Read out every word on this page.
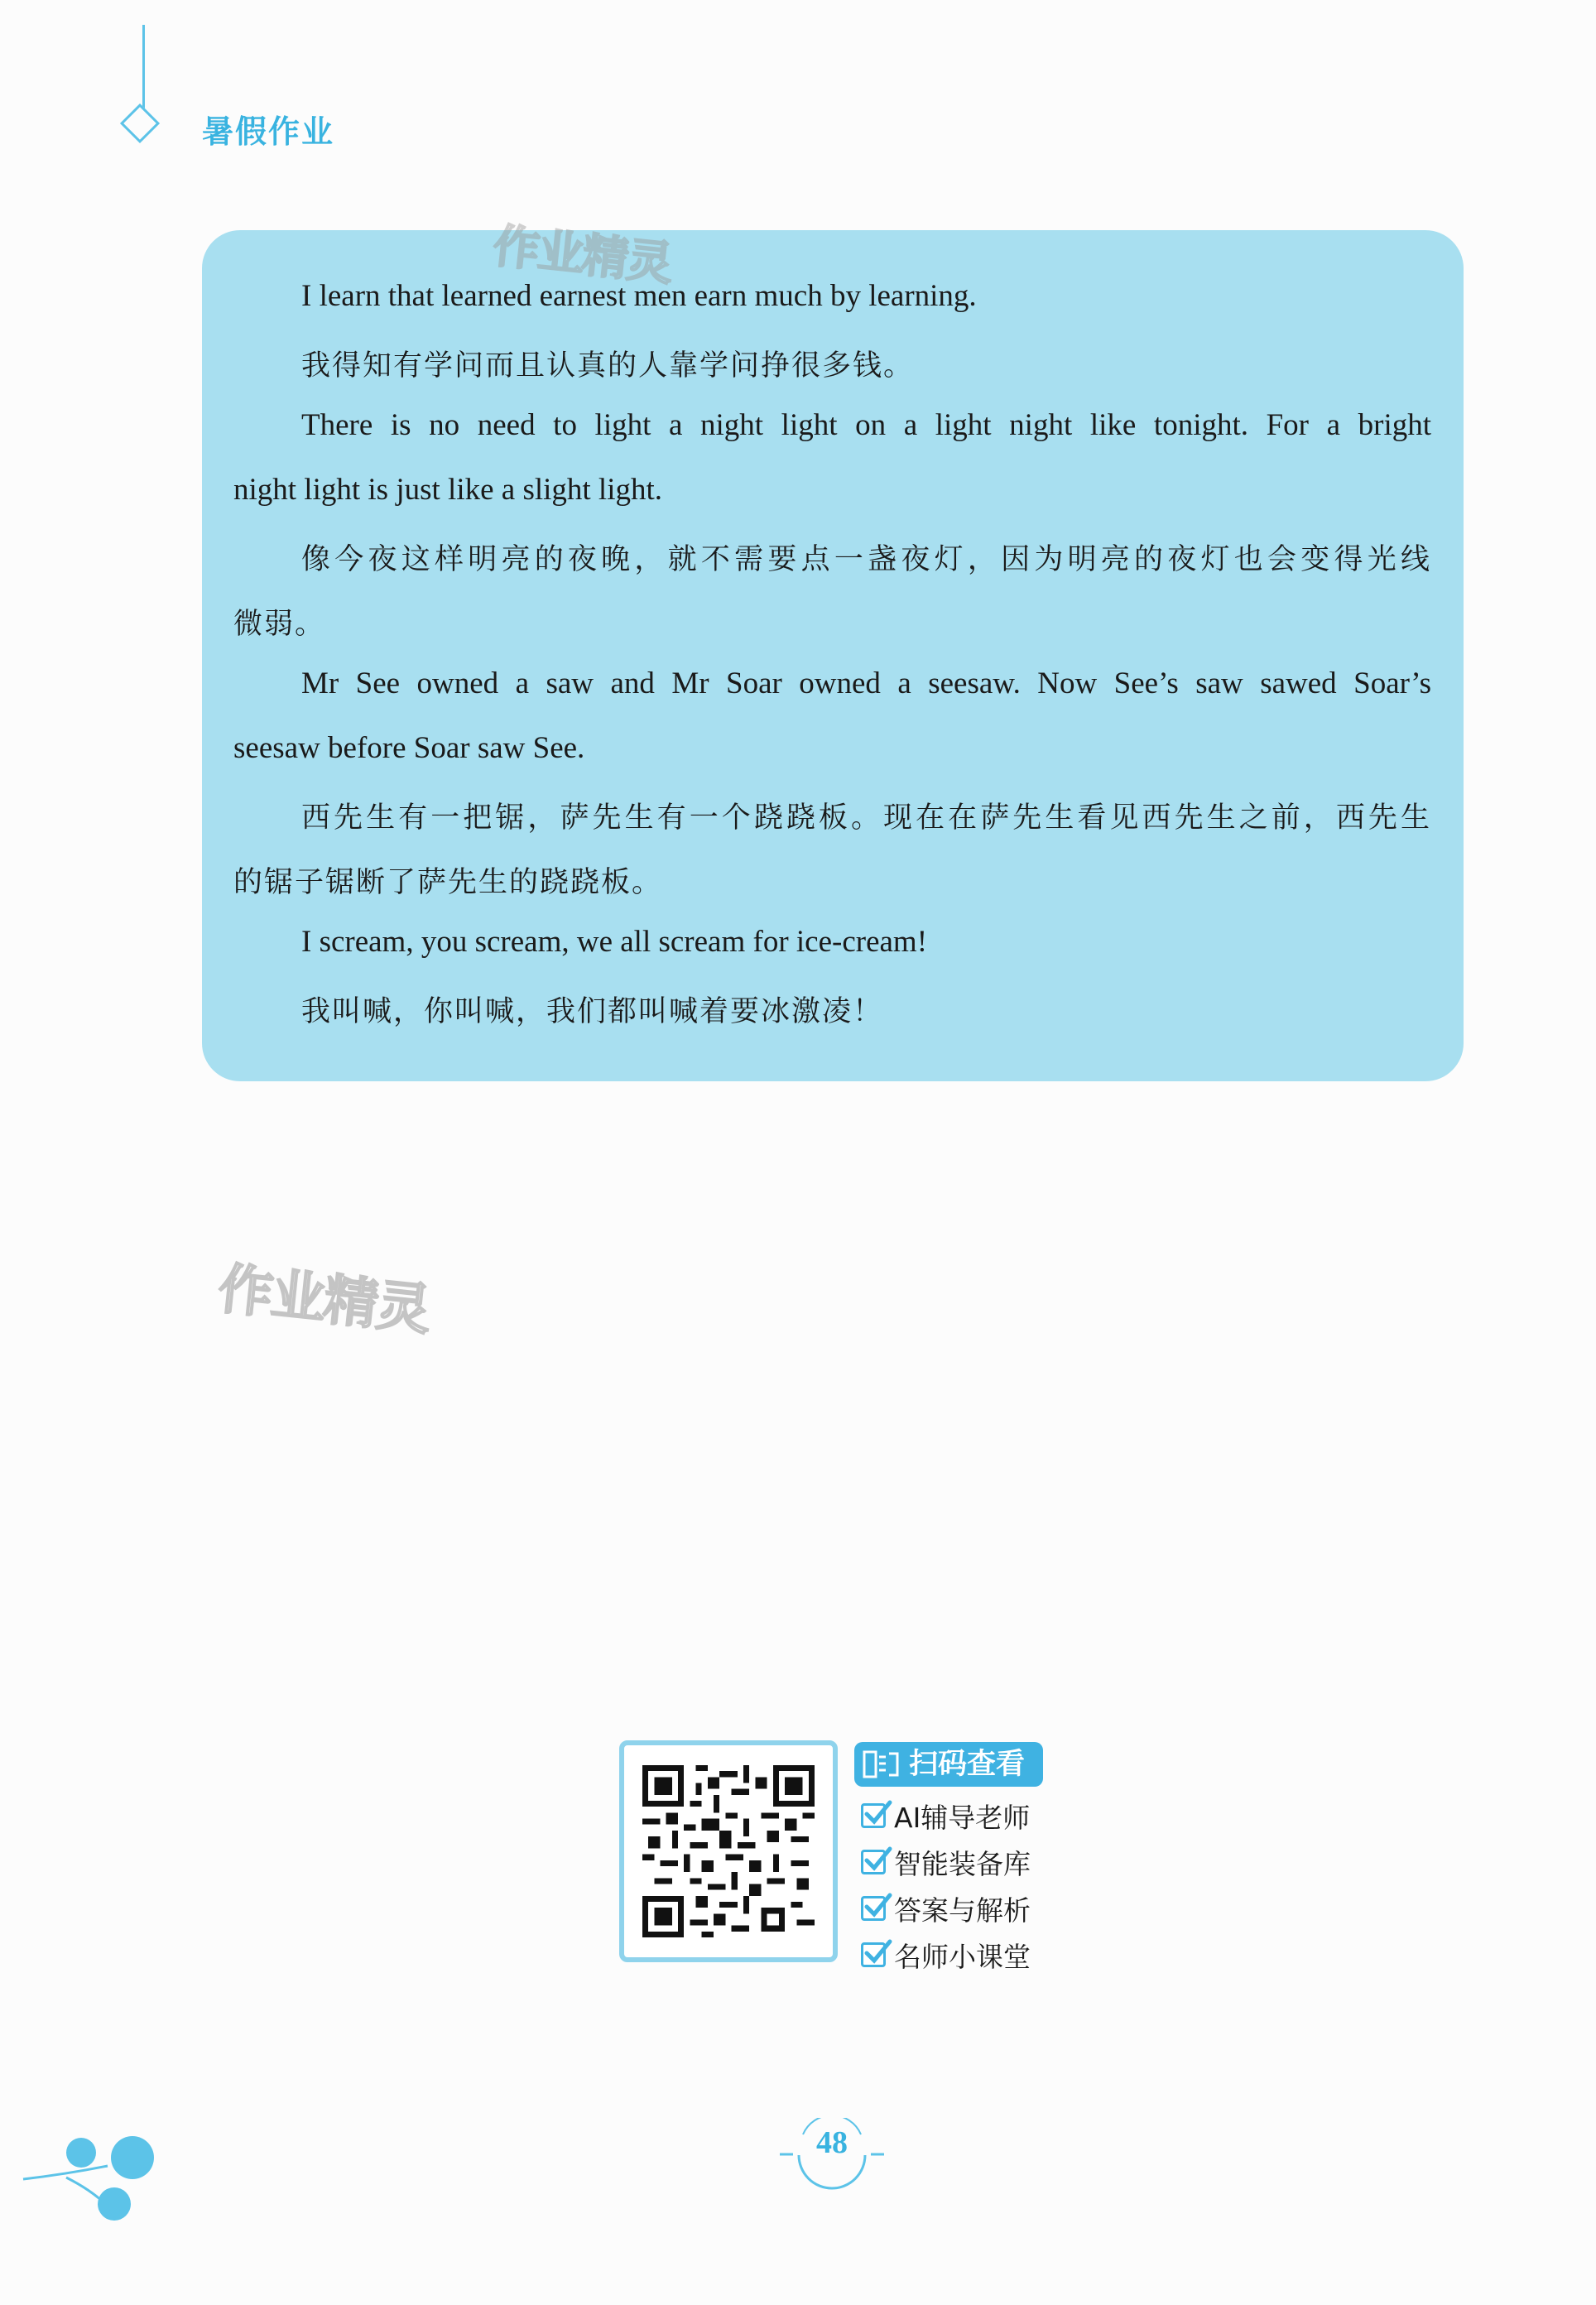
暑假作业
I learn that learned earnest men earn much by learning.
我得知有学问而且认真的人靠学问挣很多钱。
There is no need to light a night light on a light night like tonight. For a bright
night light is just like a slight light.
像今夜这样明亮的夜晚，就不需要点一盏夜灯，因为明亮的夜灯也会变得光线
微弱。
Mr See owned a saw and Mr Soar owned a seesaw. Now See’s saw sawed Soar’s
seesaw before Soar saw See.
西先生有一把锯，萨先生有一个跷跷板。现在在萨先生看见西先生之前，西先生
的锯子锯断了萨先生的跷跷板。
I scream, you scream, we all scream for ice-cream!
我叫喊，你叫喊，我们都叫喊着要冰激凌！
作业精灵
作业精灵
扫码查看
AI辅导老师
智能装备库
答案与解析
名师小课堂
48
